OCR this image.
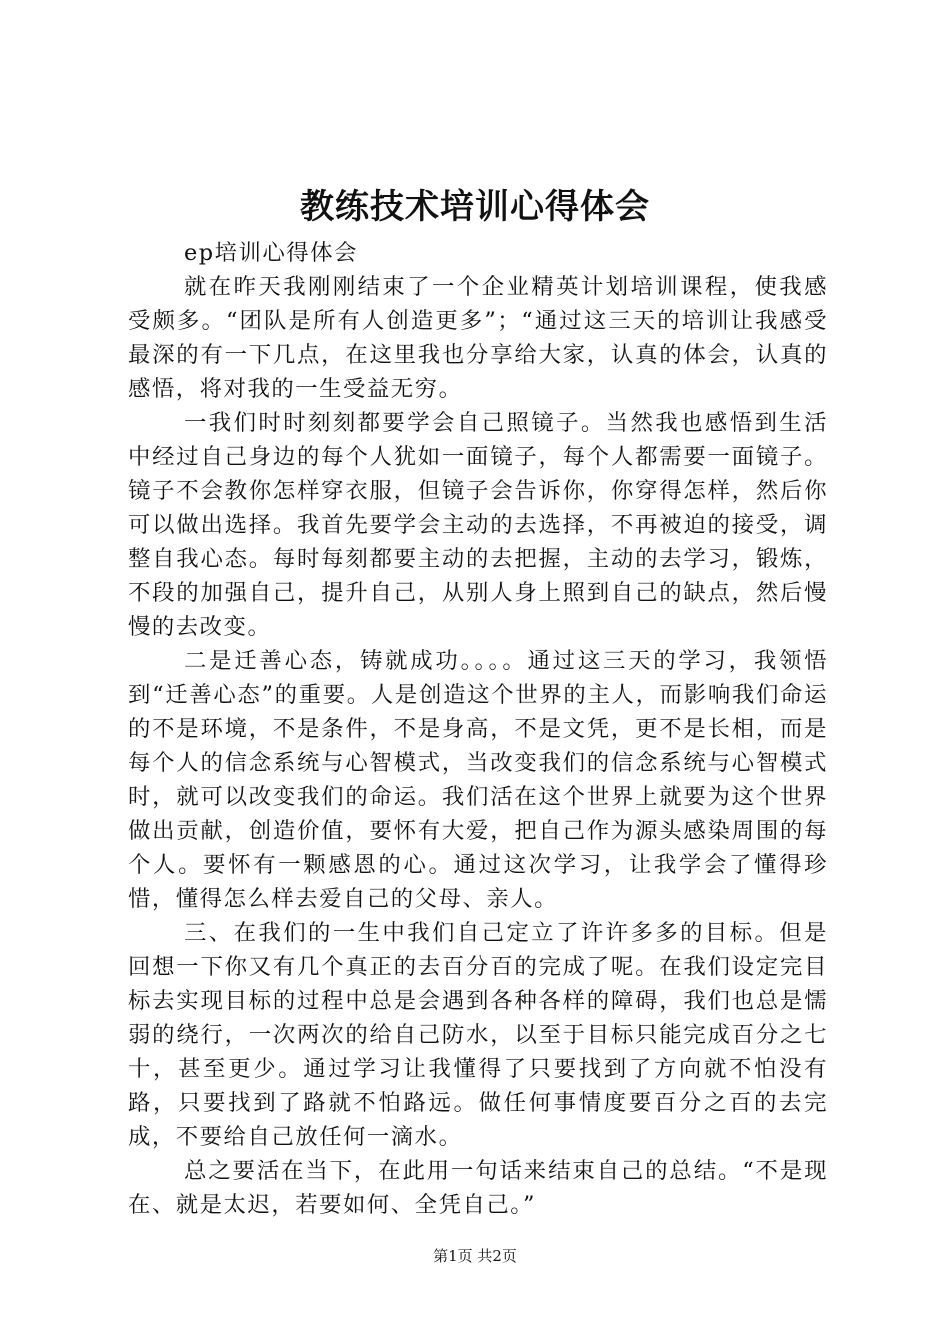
教练技术培训心得体会

ep培训心得体会

就在昨天我刚刚结束了一个企业精英计划培训课程，使我感受颇多。“团队是所有人创造更多”；“通过这三天的培训让我感受最深的有一下几点，在这里我也分享给大家，认真的体会，认真的感悟，将对我的一生受益无穷。

一我们时时刻刻都要学会自己照镜子。当然我也感悟到生活中经过自己身边的每个人犹如一面镜子，每个人都需要一面镜子。镜子不会教你怎样穿衣服，但镜子会告诉你，你穿得怎样，然后你可以做出选择。我首先要学会主动的去选择，不再被迫的接受，调整自我心态。每时每刻都要主动的去把握，主动的去学习，锻炼，不段的加强自己，提升自己，从别人身上照到自己的缺点，然后慢慢的去改变。

二是迁善心态，铸就成功。。。。通过这三天的学习，我领悟到“迁善心态”的重要。人是创造这个世界的主人，而影响我们命运的不是环境，不是条件，不是身高，不是文凭，更不是长相，而是每个人的信念系统与心智模式，当改变我们的信念系统与心智模式时，就可以改变我们的命运。我们活在这个世界上就要为这个世界做出贡献，创造价值，要怀有大爱，把自己作为源头感染周围的每个人。要怀有一颗感恩的心。通过这次学习，让我学会了懂得珍惜，懂得怎么样去爱自己的父母、亲人。

三、在我们的一生中我们自己定立了许许多多的目标。但是回想一下你又有几个真正的去百分百的完成了呢。在我们设定完目标去实现目标的过程中总是会遇到各种各样的障碍，我们也总是懦弱的绕行，一次两次的给自己防水，以至于目标只能完成百分之七十，甚至更少。通过学习让我懂得了只要找到了方向就不怕没有路，只要找到了路就不怕路远。做任何事情度要百分之百的去完成，不要给自己放任何一滴水。

总之要活在当下，在此用一句话来结束自己的总结。“不是现在、就是太迟，若要如何、全凭自己。”

第1页 共2页
